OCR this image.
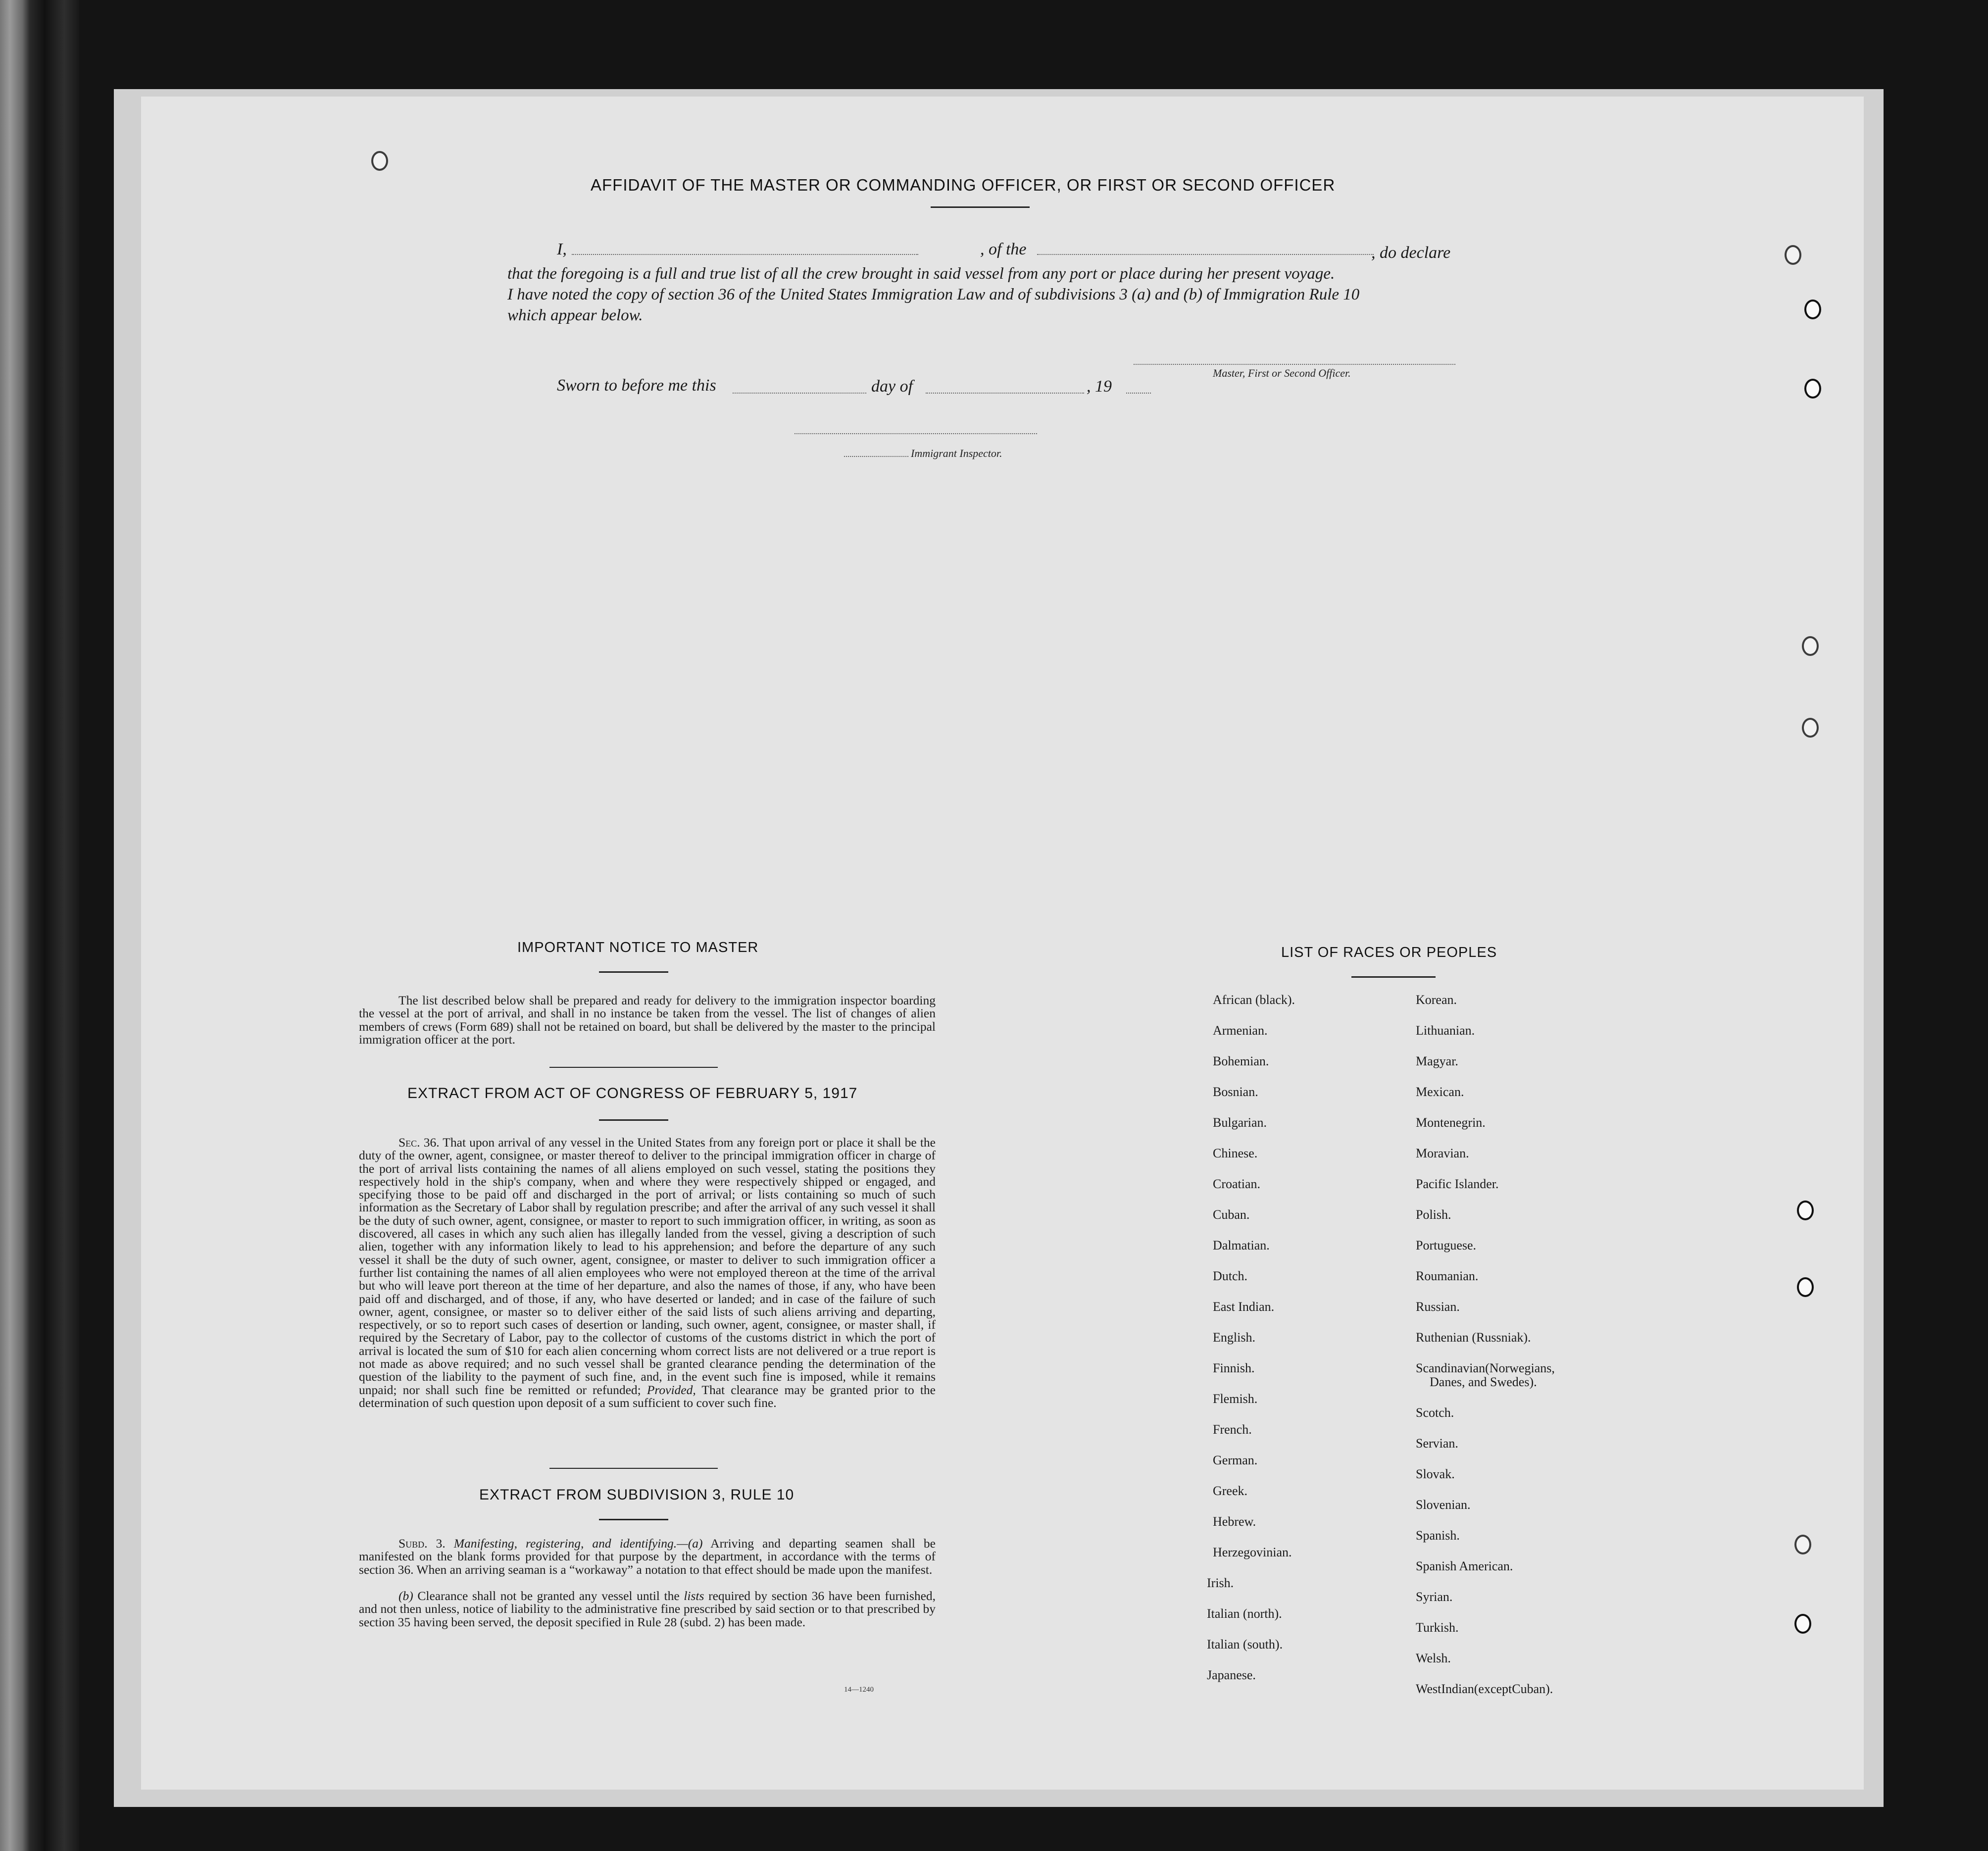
AFFIDAVIT OF THE MASTER OR COMMANDING OFFICER, OR FIRST OR SECOND OFFICER
I,	, of the	, do declare
that the foregoing is a full and true list of all the crew brought in said vessel from any port or place during her present voyage.
I have noted the copy of section 36 of the United States Immigration Law and of subdivisions 3 (a) and (b) of Immigration Rule 10
which appear below.
Master, First or Second Officer.
Sworn to before me this	day of	, 19
Immigrant Inspector.
IMPORTANT NOTICE TO MASTER
The list described below shall be prepared and ready for delivery to the immigration inspector boarding the vessel at the port of arrival, and shall in no instance be taken from the vessel. The list of changes of alien members of crews (Form 689) shall not be retained on board, but shall be delivered by the master to the principal immigration officer at the port.
EXTRACT FROM ACT OF CONGRESS OF FEBRUARY 5, 1917
Sec. 36. That upon arrival of any vessel in the United States from any foreign port or place it shall be the duty of the owner, agent, consignee, or master thereof to deliver to the principal immigration officer in charge of the port of arrival lists containing the names of all aliens employed on such vessel, stating the positions they respectively hold in the ship's company, when and where they were respectively shipped or engaged, and specifying those to be paid off and discharged in the port of arrival; or lists containing so much of such information as the Secretary of Labor shall by regulation prescribe; and after the arrival of any such vessel it shall be the duty of such owner, agent, consignee, or master to report to such immigration officer, in writing, as soon as discovered, all cases in which any such alien has illegally landed from the vessel, giving a description of such alien, together with any information likely to lead to his apprehension; and before the departure of any such vessel it shall be the duty of such owner, agent, consignee, or master to deliver to such immigration officer a further list containing the names of all alien employees who were not employed thereon at the time of the arrival but who will leave port thereon at the time of her departure, and also the names of those, if any, who have been paid off and discharged, and of those, if any, who have deserted or landed; and in case of the failure of such owner, agent, consignee, or master so to deliver either of the said lists of such aliens arriving and departing, respectively, or so to report such cases of desertion or landing, such owner, agent, consignee, or master shall, if required by the Secretary of Labor, pay to the collector of customs of the customs district in which the port of arrival is located the sum of $10 for each alien concerning whom correct lists are not delivered or a true report is not made as above required; and no such vessel shall be granted clearance pending the determination of the question of the liability to the payment of such fine, and, in the event such fine is imposed, while it remains unpaid; nor shall such fine be remitted or refunded; Provided, That clearance may be granted prior to the determination of such question upon deposit of a sum sufficient to cover such fine.
EXTRACT FROM SUBDIVISION 3, RULE 10
Subd. 3. Manifesting, registering, and identifying.—(a) Arriving and departing seamen shall be manifested on the blank forms provided for that purpose by the department, in accordance with the terms of section 36. When an arriving seaman is a “workaway” a notation to that effect should be made upon the manifest.
(b) Clearance shall not be granted any vessel until the lists required by section 36 have been furnished, and not then unless, notice of liability to the administrative fine prescribed by said section or to that prescribed by section 35 having been served, the deposit specified in Rule 28 (subd. 2) has been made.
14—1240
LIST OF RACES OR PEOPLES
African (black).
Armenian.
Bohemian.
Bosnian.
Bulgarian.
Chinese.
Croatian.
Cuban.
Dalmatian.
Dutch.
East Indian.
English.
Finnish.
Flemish.
French.
German.
Greek.
Hebrew.
Herzegovinian.
Irish.
Italian (north).
Italian (south).
Japanese.
Korean.
Lithuanian.
Magyar.
Mexican.
Montenegrin.
Moravian.
Pacific Islander.
Polish.
Portuguese.
Roumanian.
Russian.
Ruthenian (Russniak).
Scandinavian(Norwegians,
Danes, and Swedes).
Scotch.
Servian.
Slovak.
Slovenian.
Spanish.
Spanish American.
Syrian.
Turkish.
Welsh.
WestIndian(exceptCuban).
